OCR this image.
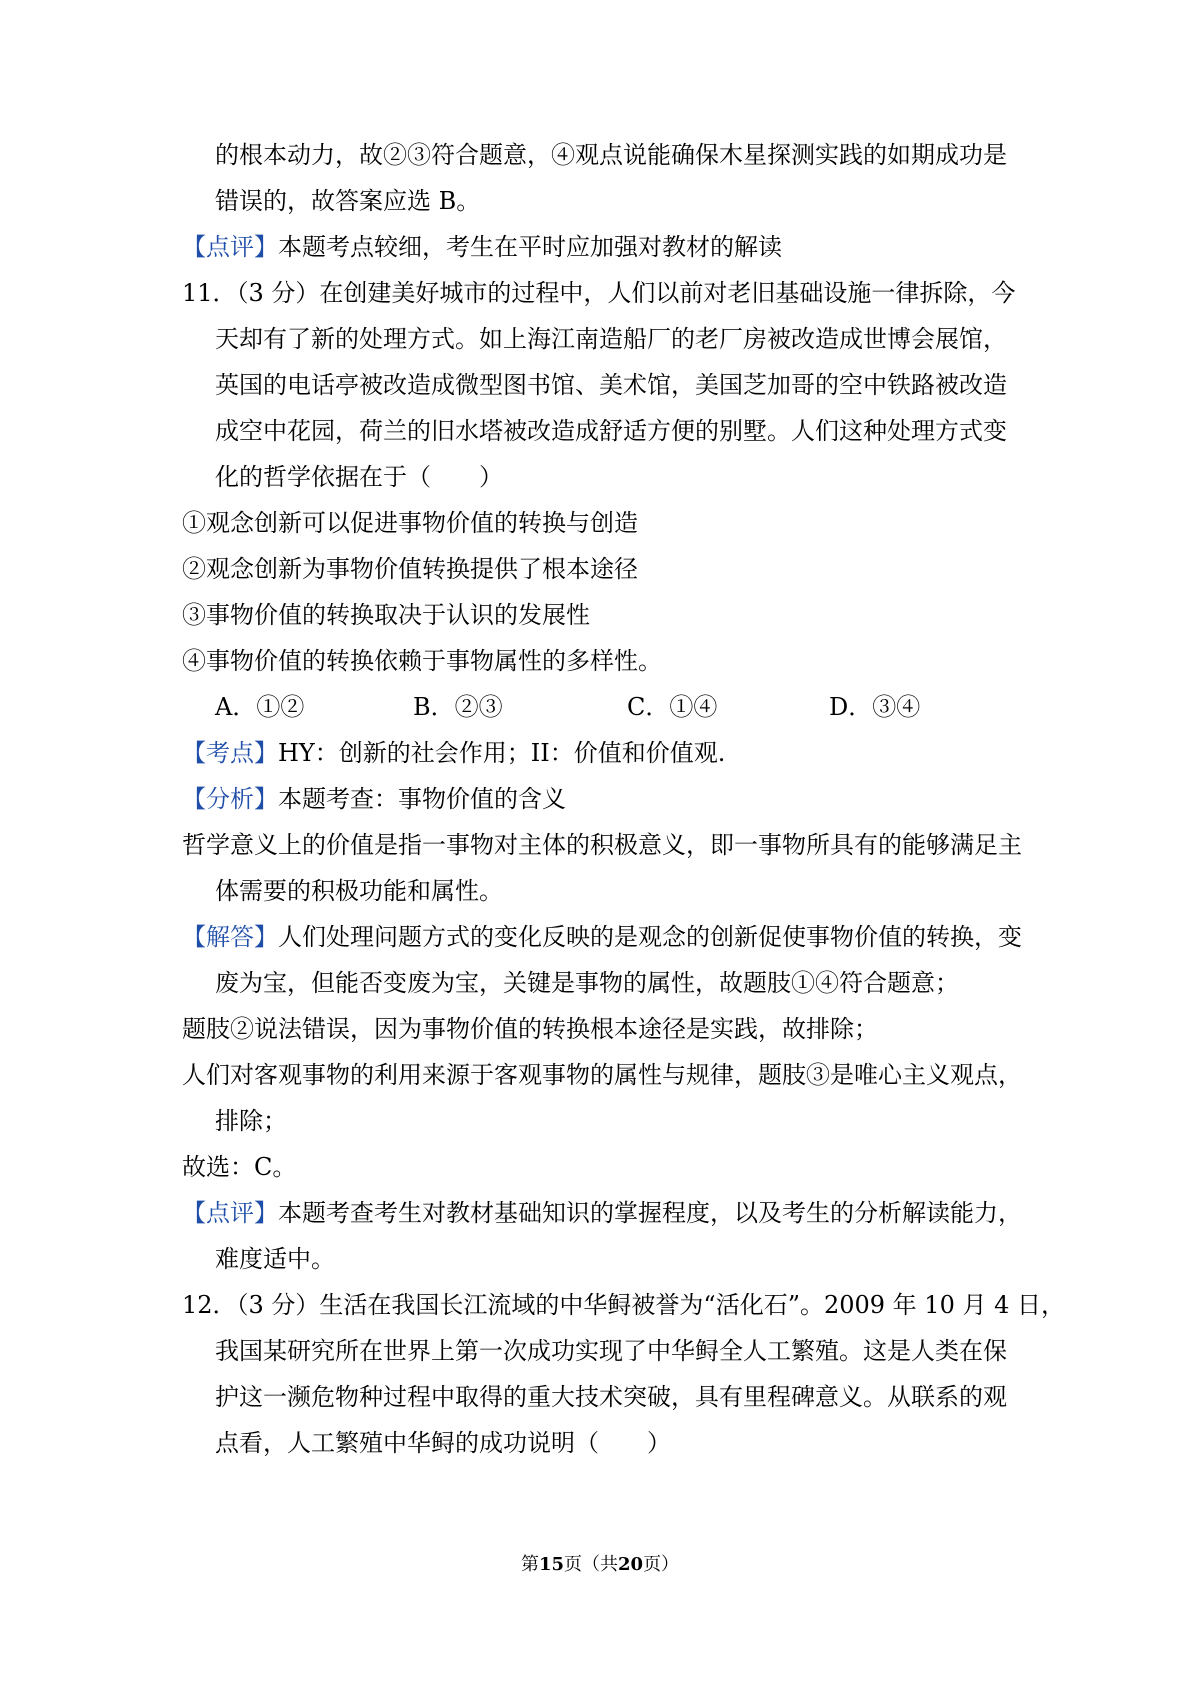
的根本动力，故②③符合题意，④观点说能确保木星探测实践的如期成功是

错误的，故答案应选 B。

【点评】本题考点较细，考生在平时应加强对教材的解读

11．（3 分）在创建美好城市的过程中，人们以前对老旧基础设施一律拆除，今

天却有了新的处理方式。如上海江南造船厂的老厂房被改造成世博会展馆，

英国的电话亭被改造成微型图书馆、美术馆，美国芝加哥的空中铁路被改造

成空中花园，荷兰的旧水塔被改造成舒适方便的别墅。人们这种处理方式变

化的哲学依据在于（　　）

①观念创新可以促进事物价值的转换与创造

②观念创新为事物价值转换提供了根本途径

③事物价值的转换取决于认识的发展性

④事物价值的转换依赖于事物属性的多样性。

A．①②	B．②③	C．①④	D．③④

【考点】HY：创新的社会作用；II：价值和价值观.

【分析】本题考查：事物价值的含义

哲学意义上的价值是指一事物对主体的积极意义，即一事物所具有的能够满足主

体需要的积极功能和属性。

【解答】人们处理问题方式的变化反映的是观念的创新促使事物价值的转换，变

废为宝，但能否变废为宝，关键是事物的属性，故题肢①④符合题意；

题肢②说法错误，因为事物价值的转换根本途径是实践，故排除；

人们对客观事物的利用来源于客观事物的属性与规律，题肢③是唯心主义观点，

排除；

故选：C。

【点评】本题考查考生对教材基础知识的掌握程度，以及考生的分析解读能力，

难度适中。

12．（3 分）生活在我国长江流域的中华鲟被誉为“活化石”。2009 年 10 月 4 日，

我国某研究所在世界上第一次成功实现了中华鲟全人工繁殖。这是人类在保

护这一濒危物种过程中取得的重大技术突破，具有里程碑意义。从联系的观

点看，人工繁殖中华鲟的成功说明（　　）

第15页（共20页）
